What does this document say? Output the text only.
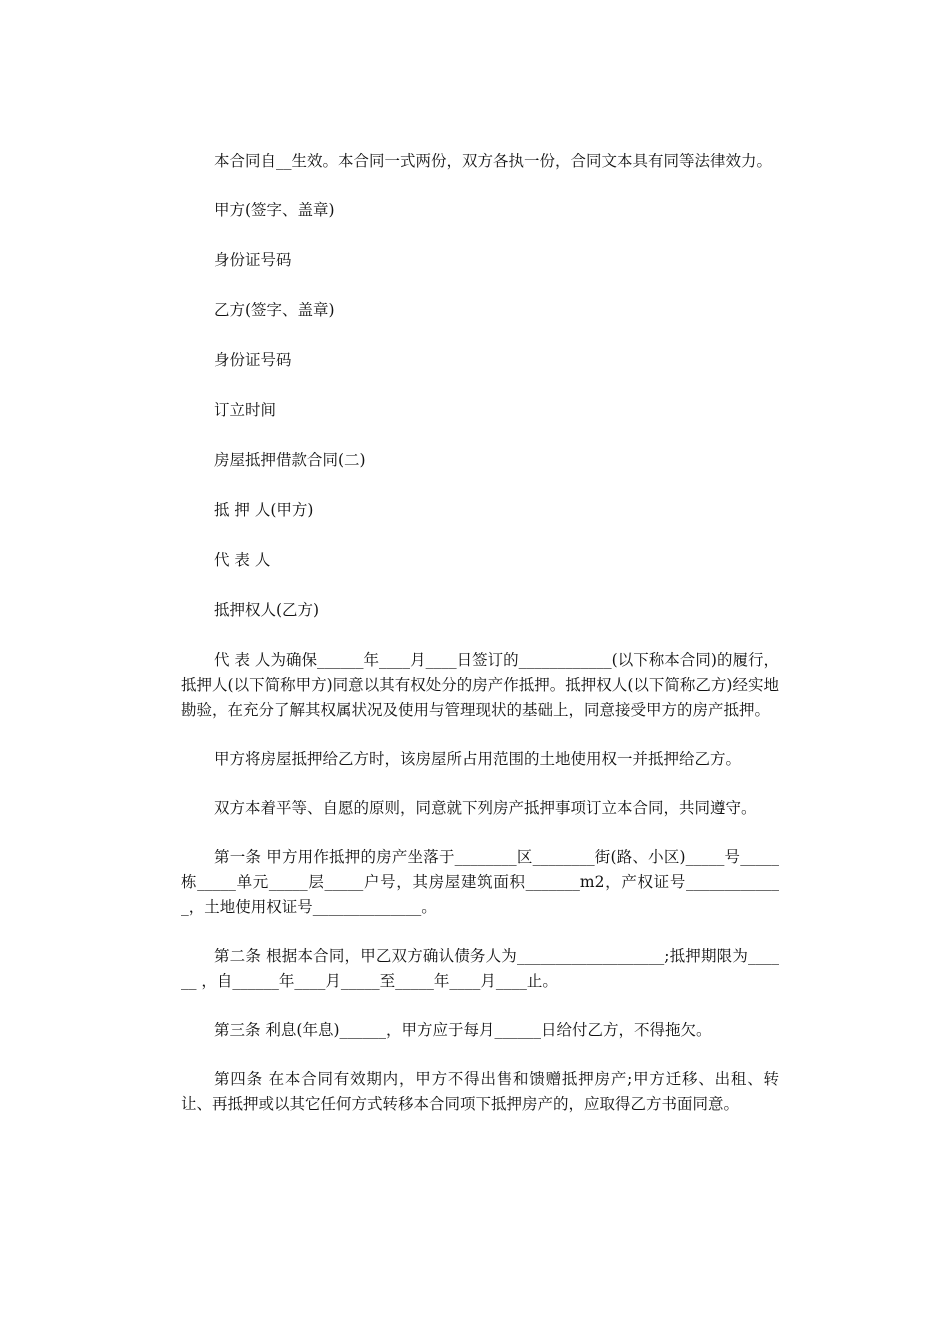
本合同自__生效。本合同一式两份，双方各执一份，合同文本具有同等法律效力。

甲方(签字、盖章)

身份证号码

乙方(签字、盖章)

身份证号码

订立时间

房屋抵押借款合同(二)

抵 押 人(甲方)

代 表 人

抵押权人(乙方)

代 表 人为确保______年____月____日签订的____________(以下称本合同)的履行，抵押人(以下简称甲方)同意以其有权处分的房产作抵押。抵押权人(以下简称乙方)经实地勘验，在充分了解其权属状况及使用与管理现状的基础上，同意接受甲方的房产抵押。

甲方将房屋抵押给乙方时，该房屋所占用范围的土地使用权一并抵押给乙方。

双方本着平等、自愿的原则，同意就下列房产抵押事项订立本合同，共同遵守。

第一条 甲方用作抵押的房产坐落于________区________街(路、小区)_____号_____栋_____单元_____层_____户号，其房屋建筑面积_______m2，产权证号_____________，土地使用权证号______________。

第二条 根据本合同，甲乙双方确认债务人为___________________;抵押期限为______ ，自______年____月_____至_____年____月____止。

第三条 利息(年息)______，甲方应于每月______日给付乙方，不得拖欠。

第四条 在本合同有效期内，甲方不得出售和馈赠抵押房产;甲方迁移、出租、转让、再抵押或以其它任何方式转移本合同项下抵押房产的，应取得乙方书面同意。
